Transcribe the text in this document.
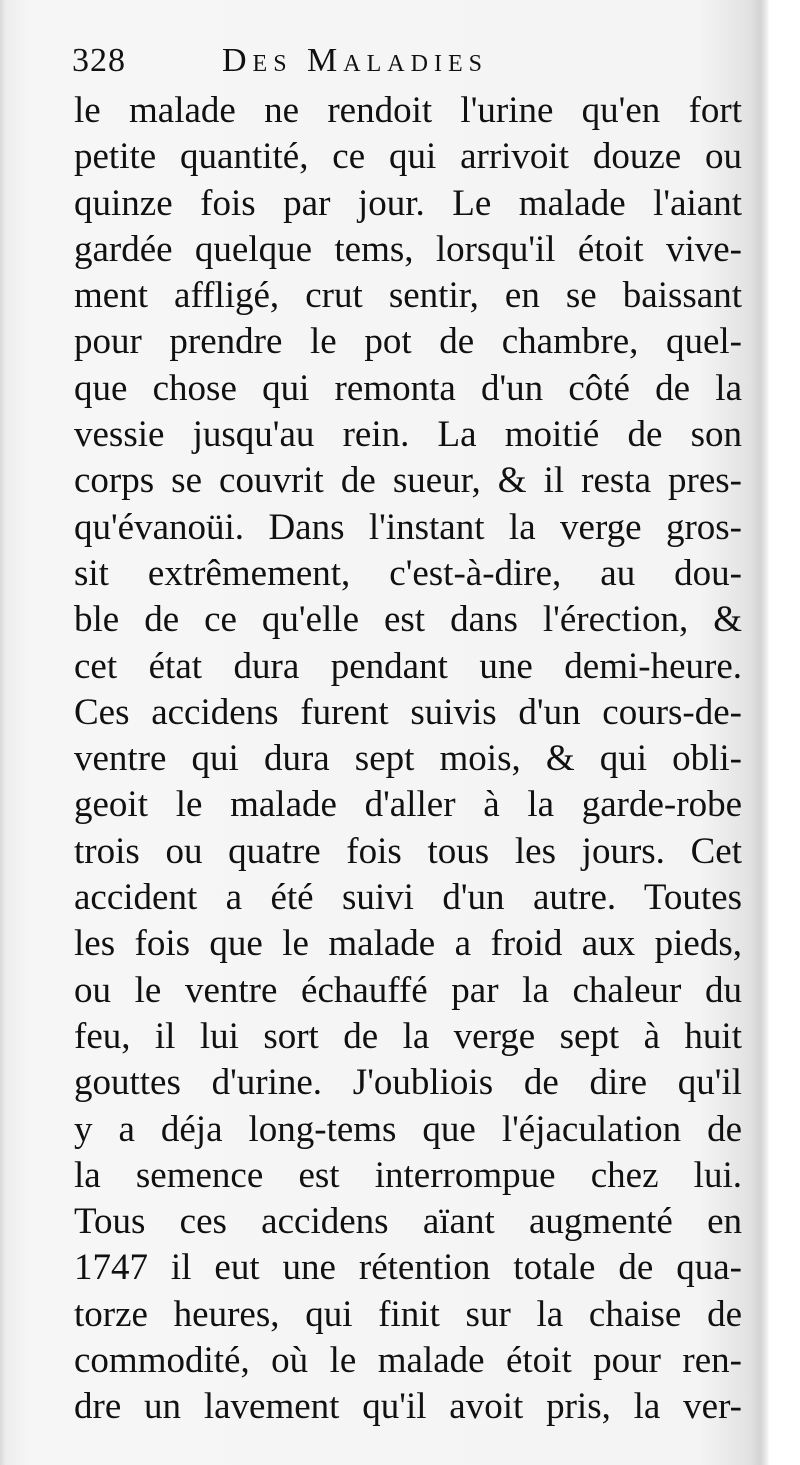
328	Des Maladies
le malade ne rendoit l'urine qu'en fort
petite quantité, ce qui arrivoit douze ou
quinze fois par jour. Le malade l'aiant
gardée quelque tems, lorsqu'il étoit vive-
ment affligé, crut sentir, en se baissant
pour prendre le pot de chambre, quel-
que chose qui remonta d'un côté de la
vessie jusqu'au rein. La moitié de son
corps se couvrit de sueur, & il resta pres-
qu'évanoüi. Dans l'instant la verge gros-
sit extrêmement, c'est-à-dire, au dou-
ble de ce qu'elle est dans l'érection, &
cet état dura pendant une demi-heure.
Ces accidens furent suivis d'un cours-de-
ventre qui dura sept mois, & qui obli-
geoit le malade d'aller à la garde-robe
trois ou quatre fois tous les jours. Cet
accident a été suivi d'un autre. Toutes
les fois que le malade a froid aux pieds,
ou le ventre échauffé par la chaleur du
feu, il lui sort de la verge sept à huit
gouttes d'urine. J'oubliois de dire qu'il
y a déja long-tems que l'éjaculation de
la semence est interrompue chez lui.
Tous ces accidens aïant augmenté en
1747 il eut une rétention totale de qua-
torze heures, qui finit sur la chaise de
commodité, où le malade étoit pour ren-
dre un lavement qu'il avoit pris, la ver-
